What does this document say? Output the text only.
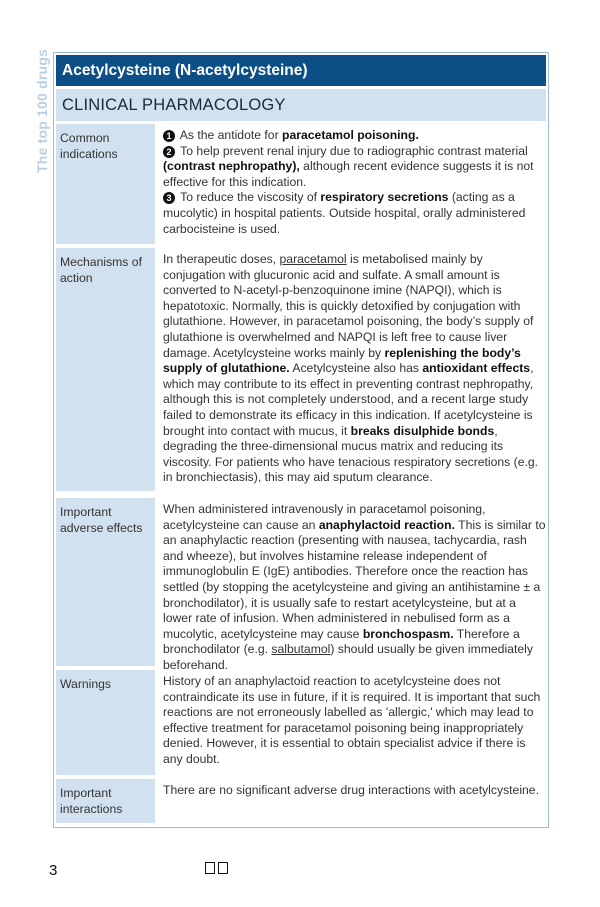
The top 100 drugs Acetylcysteine (N-acetylcysteine)
CLINICAL PHARMACOLOGY
Common indications
1 As the antidote for paracetamol poisoning.
2 To help prevent renal injury due to radiographic contrast material (contrast nephropathy), although recent evidence suggests it is not effective for this indication.
3 To reduce the viscosity of respiratory secretions (acting as a mucolytic) in hospital patients. Outside hospital, orally administered carbocisteine is used.
Mechanisms of action
In therapeutic doses, paracetamol is metabolised mainly by conjugation with glucuronic acid and sulfate. A small amount is converted to N-acetyl-p-benzoquinone imine (NAPQI), which is hepatotoxic. Normally, this is quickly detoxified by conjugation with glutathione. However, in paracetamol poisoning, the body’s supply of glutathione is overwhelmed and NAPQI is left free to cause liver damage. Acetylcysteine works mainly by replenishing the body’s supply of glutathione. Acetylcysteine also has antioxidant effects, which may contribute to its effect in preventing contrast nephropathy, although this is not completely understood, and a recent large study failed to demonstrate its efficacy in this indication. If acetylcysteine is brought into contact with mucus, it breaks disulphide bonds, degrading the three-dimensional mucus matrix and reducing its viscosity. For patients who have tenacious respiratory secretions (e.g. in bronchiectasis), this may aid sputum clearance.
Important adverse effects
When administered intravenously in paracetamol poisoning, acetylcysteine can cause an anaphylactoid reaction. This is similar to an anaphylactic reaction (presenting with nausea, tachycardia, rash and wheeze), but involves histamine release independent of immunoglobulin E (IgE) antibodies. Therefore once the reaction has settled (by stopping the acetylcysteine and giving an antihistamine ± a bronchodilator), it is usually safe to restart acetylcysteine, but at a lower rate of infusion. When administered in nebulised form as a mucolytic, acetylcysteine may cause bronchospasm. Therefore a bronchodilator (e.g. salbutamol) should usually be given immediately beforehand.
Warnings	History of an anaphylactoid reaction to acetylcysteine does not contraindicate its use in future, if it is required. It is important that such reactions are not erroneously labelled as 'allergic,' which may lead to effective treatment for paracetamol poisoning being inappropriately denied. However, it is essential to obtain specialist advice if there is any doubt.
Important interactions
There are no significant adverse drug interactions with acetylcysteine.
3
